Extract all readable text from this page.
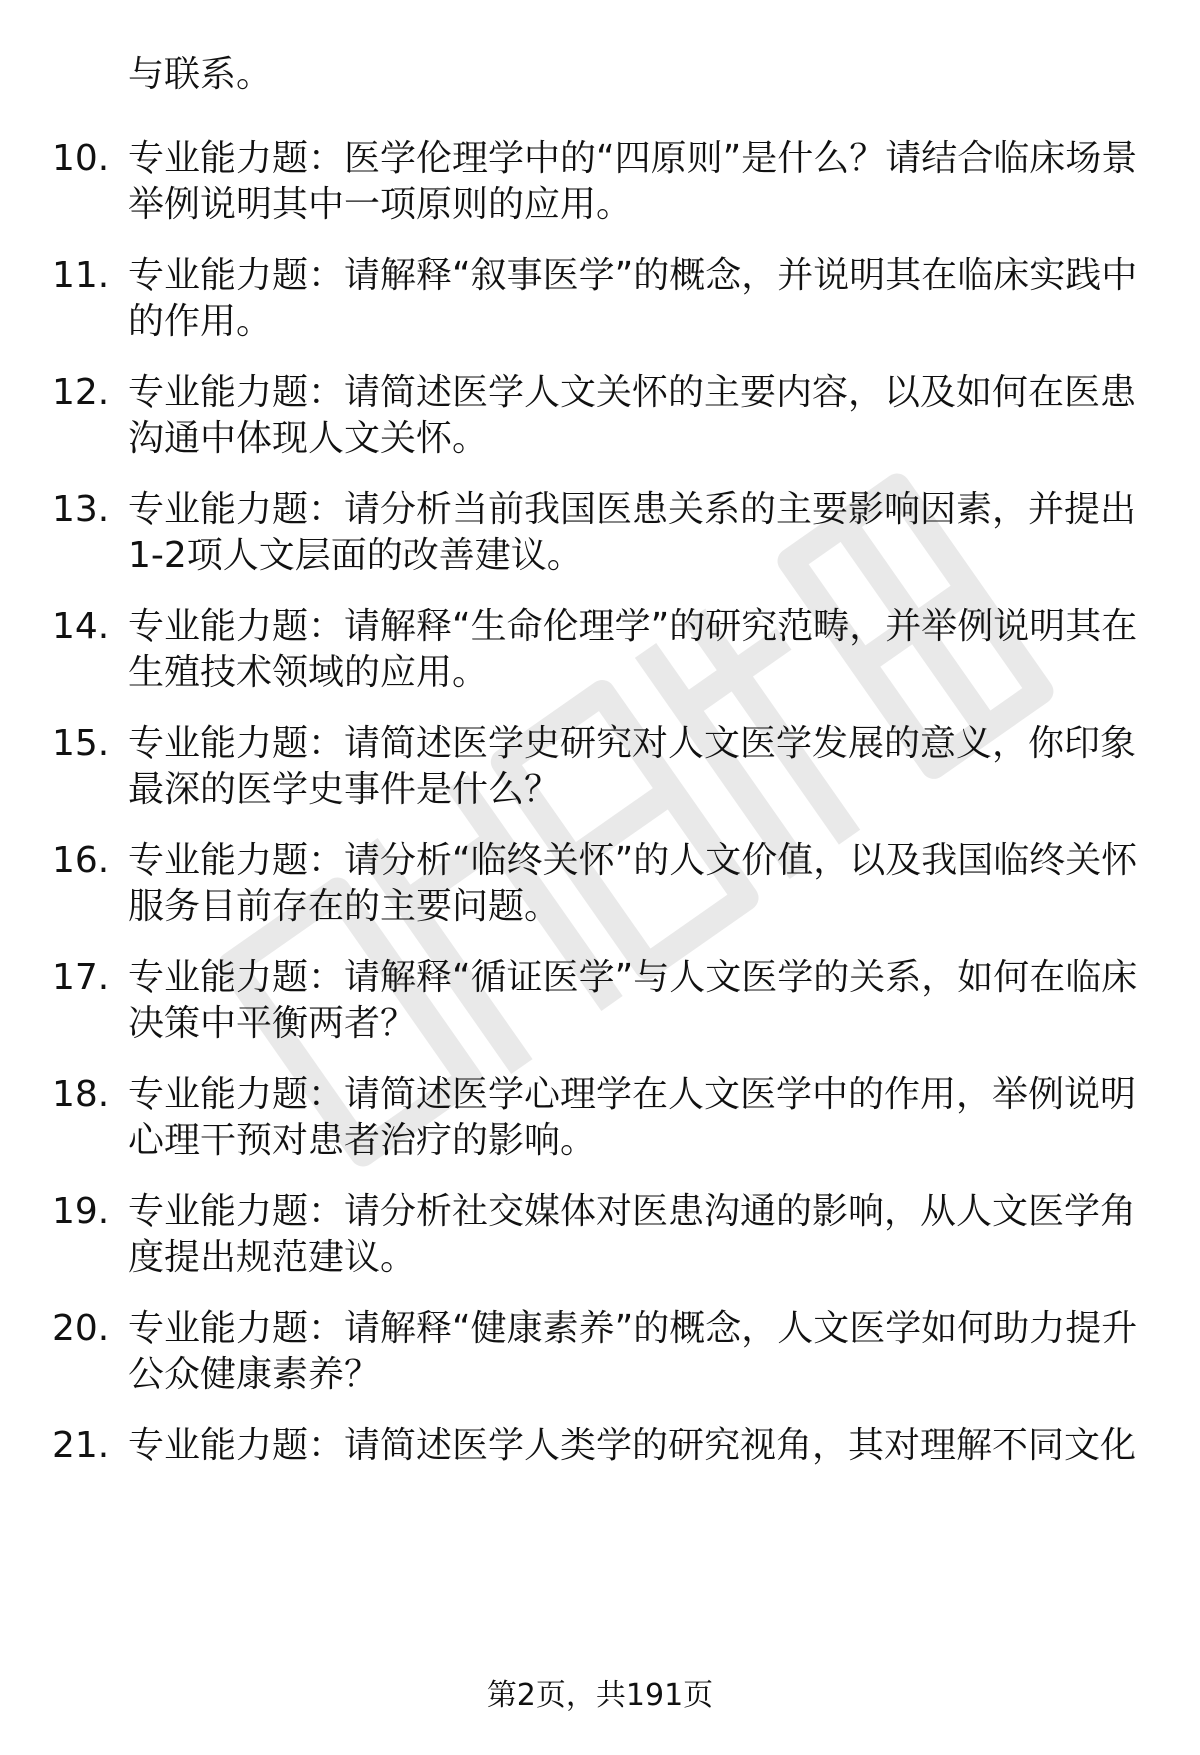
与联系。
10. 专业能力题：医学伦理学中的“四原则”是什么？请结合临床场景举例说明其中一项原则的应用。
11. 专业能力题：请解释“叙事医学”的概念，并说明其在临床实践中的作用。
12. 专业能力题：请简述医学人文关怀的主要内容，以及如何在医患沟通中体现人文关怀。
13. 专业能力题：请分析当前我国医患关系的主要影响因素，并提出1-2项人文层面的改善建议。
14. 专业能力题：请解释“生命伦理学”的研究范畴，并举例说明其在生殖技术领域的应用。
15. 专业能力题：请简述医学史研究对人文医学发展的意义，你印象最深的医学史事件是什么？
16. 专业能力题：请分析“临终关怀”的人文价值，以及我国临终关怀服务目前存在的主要问题。
17. 专业能力题：请解释“循证医学”与人文医学的关系，如何在临床决策中平衡两者？
18. 专业能力题：请简述医学心理学在人文医学中的作用，举例说明心理干预对患者治疗的影响。
19. 专业能力题：请分析社交媒体对医患沟通的影响，从人文医学角度提出规范建议。
20. 专业能力题：请解释“健康素养”的概念，人文医学如何助力提升公众健康素养？
21. 专业能力题：请简述医学人类学的研究视角，其对理解不同文化
第2页，共191页
